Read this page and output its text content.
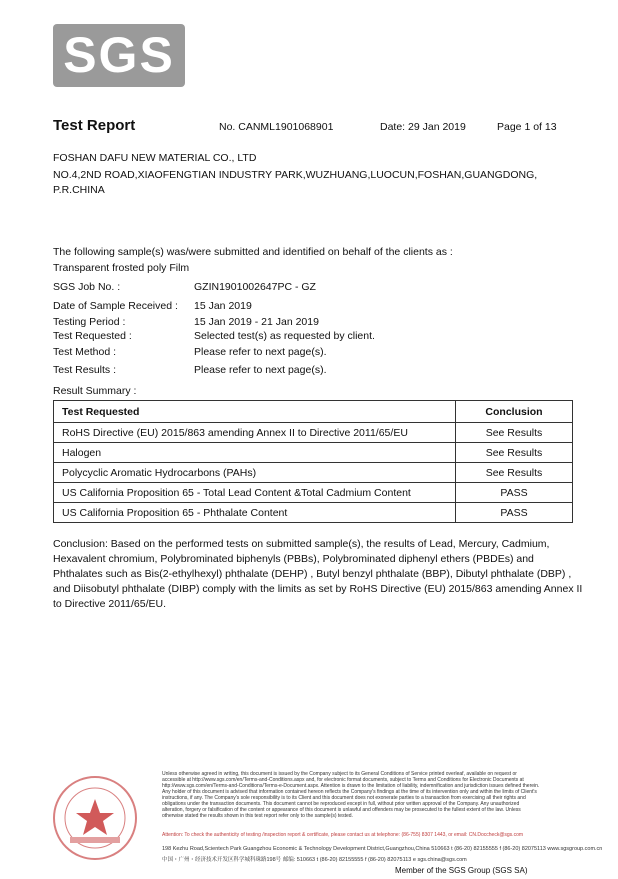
SGS
Test Report	No. CANML1901068901	Date: 29 Jan 2019	Page 1 of 13
FOSHAN DAFU NEW MATERIAL CO., LTD
NO.4,2ND ROAD,XIAOFENGTIAN INDUSTRY PARK,WUZHUANG,LUOCUN,FOSHAN,GUANGDONG,
P.R.CHINA
The following sample(s) was/were submitted and identified on behalf of the clients as :
Transparent frosted poly Film
SGS Job No. :	GZIN1901002647PC - GZ
Date of Sample Received : 15 Jan 2019
Testing Period :	15 Jan 2019 - 21 Jan 2019
Test Requested :	Selected test(s) as requested by client.
Test Method :	Please refer to next page(s).
Test Results :	Please refer to next page(s).
Result Summary :
Test Requested	Conclusion
RoHS Directive (EU) 2015/863 amending Annex II to Directive 2011/65/EU	See Results
Halogen	See Results
Polycyclic Aromatic Hydrocarbons (PAHs)	See Results
US California Proposition 65 - Total Lead Content &Total Cadmium Content	PASS
US California Proposition 65 - Phthalate Content	PASS
Conclusion: Based on the performed tests on submitted sample(s), the results of Lead, Mercury, Cadmium, Hexavalent chromium, Polybrominated biphenyls (PBBs), Polybrominated diphenyl ethers (PBDEs) and Phthalates such as Bis(2-ethylhexyl) phthalate (DEHP) , Butyl benzyl phthalate (BBP), Dibutyl phthalate (DBP) , and Diisobutyl phthalate (DIBP) comply with the limits as set by RoHS Directive (EU) 2015/863 amending Annex II to Directive 2011/65/EU.
Unless otherwise agreed in writing, this document is issued by the Company subject to its General Conditions of Service printed overleaf, available on request or accessible at http://www.sgs.com/en/Terms-and-Conditions.aspx and, for electronic format documents, subject to Terms and Conditions for Electronic Documents at http://www.sgs.com/en/Terms-and-Conditions/Terms-e-Document.aspx. Attention is drawn to the limitation of liability, indemnification and jurisdiction issues defined therein. Any holder of this document is advised that information contained hereon reflects the Company's findings at the time of its intervention only and within the limits of Client's instructions, if any. The Company's sole responsibility is to its Client and this document does not exonerate parties to a transaction from exercising all their rights and obligations under the transaction documents. This document cannot be reproduced except in full, without prior written approval of the Company. Any unauthorized alteration, forgery or falsification of the content or appearance of this document is unlawful and offenders may be prosecuted to the fullest extent of the law. Unless otherwise stated the results shown in this test report refer only to the sample(s) tested.
Attention: To check the authenticity of testing /inspection report & certificate, please contact us at telephone: (86-755) 8307 1443, or email: CN.Doccheck@sgs.com
198 Kezhu Road,Scientech Park Guangzhou Economic & Technology Development District,Guangzhou,China 510663 t (86-20) 82155555 f (86-20) 82075113 www.sgsgroup.com.cn
中国・广州・经济技术开发区科学城科珠路198号 邮编: 510663 t (86-20) 82155555 f (86-20) 82075113 e sgs.china@sgs.com
Member of the SGS Group (SGS SA)
